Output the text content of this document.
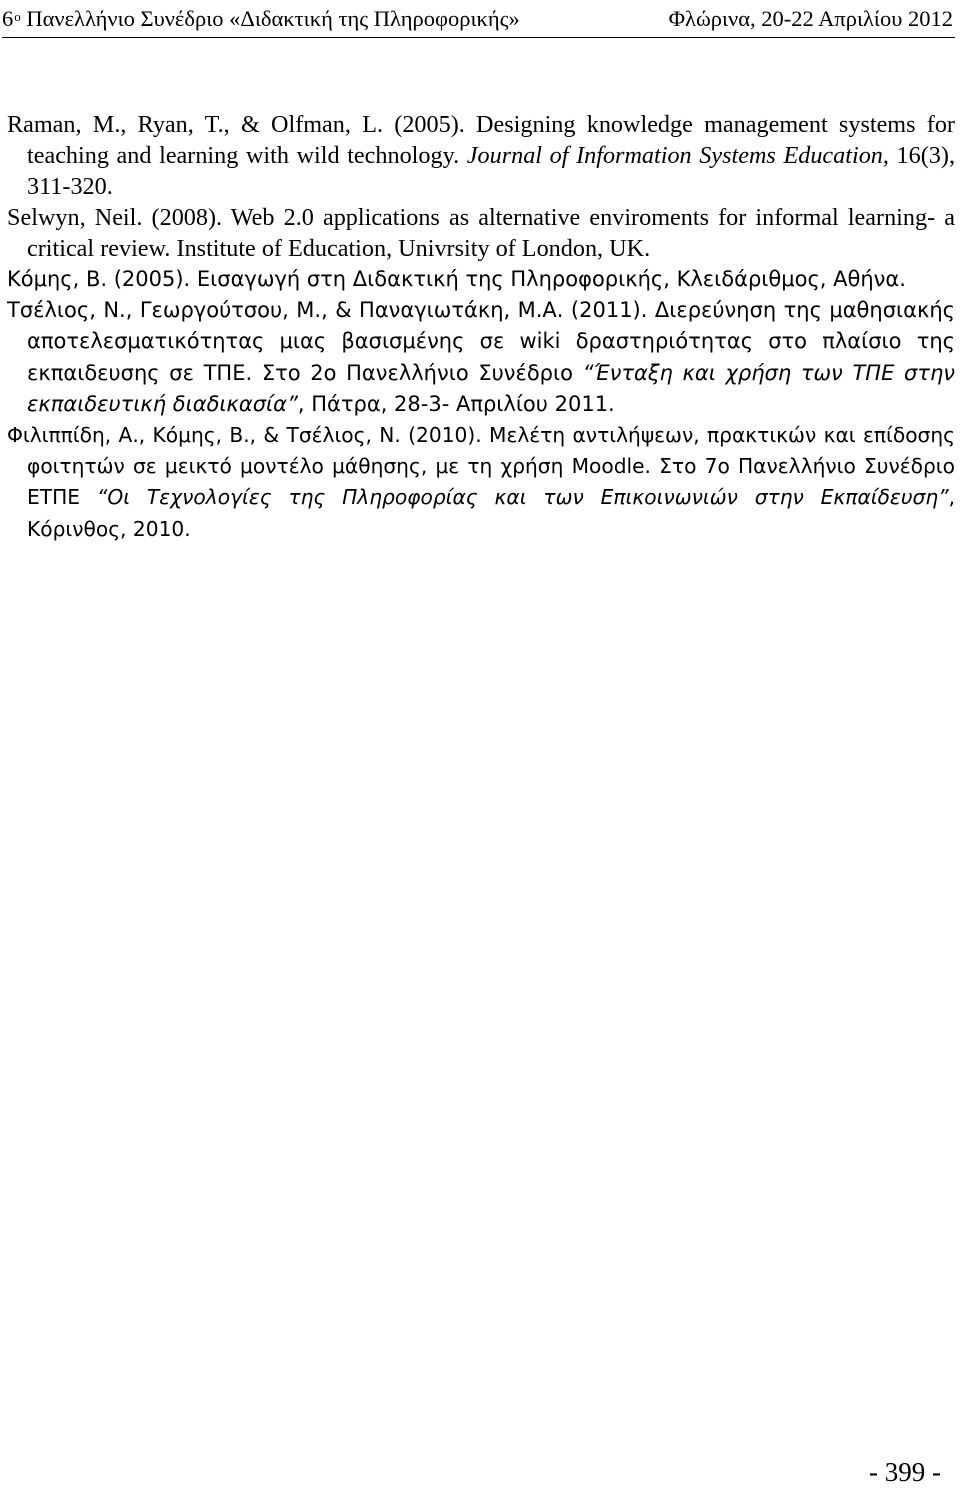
$6^o$ Πανελλήνιο Συνέδριο «Διδακτική της Πληροφορικής»	Φλώρινα, 20-22 Απριλίου 2012

Raman, M., Ryan, T., & Olfman, L. (2005). Designing knowledge management systems for teaching and learning with wild technology. Journal of Information Systems Education, 16(3), 311-320.

Selwyn, Neil. (2008). Web 2.0 applications as alternative enviroments for informal learning- a critical review. Institute of Education, Univrsity of London, UK.

Κόμης, Β. (2005). Εισαγωγή στη Διδακτική της Πληροφορικής, Κλειδάριθμος, Αθήνα.

Τσέλιος, Ν., Γεωργούτσου, Μ., & Παναγιωτάκη, Μ.Α. (2011). Διερεύνηση της μαθησιακής αποτελεσματικότητας μιας βασισμένης σε wiki δραστηριότητας στο πλαίσιο της εκπαιδευσης σε ΤΠΕ. Στο 2ο Πανελλήνιο Συνέδριο “Ένταξη και χρήση των ΤΠΕ στην εκπαιδευτική διαδικασία”, Πάτρα, 28-3- Απριλίου 2011.

Φιλιππίδη, Α., Κόμης, Β., & Τσέλιος, Ν. (2010). Μελέτη αντιλήψεων, πρακτικών και επίδοσης φοιτητών σε μεικτό μοντέλο μάθησης, με τη χρήση Moodle. Στο 7ο Πανελλήνιο Συνέδριο ΕΤΠΕ “Οι Τεχνολογίες της Πληροφορίας και των Επικοινωνιών στην Εκπαίδευση”, Κόρινθος, 2010.

- 399 -
